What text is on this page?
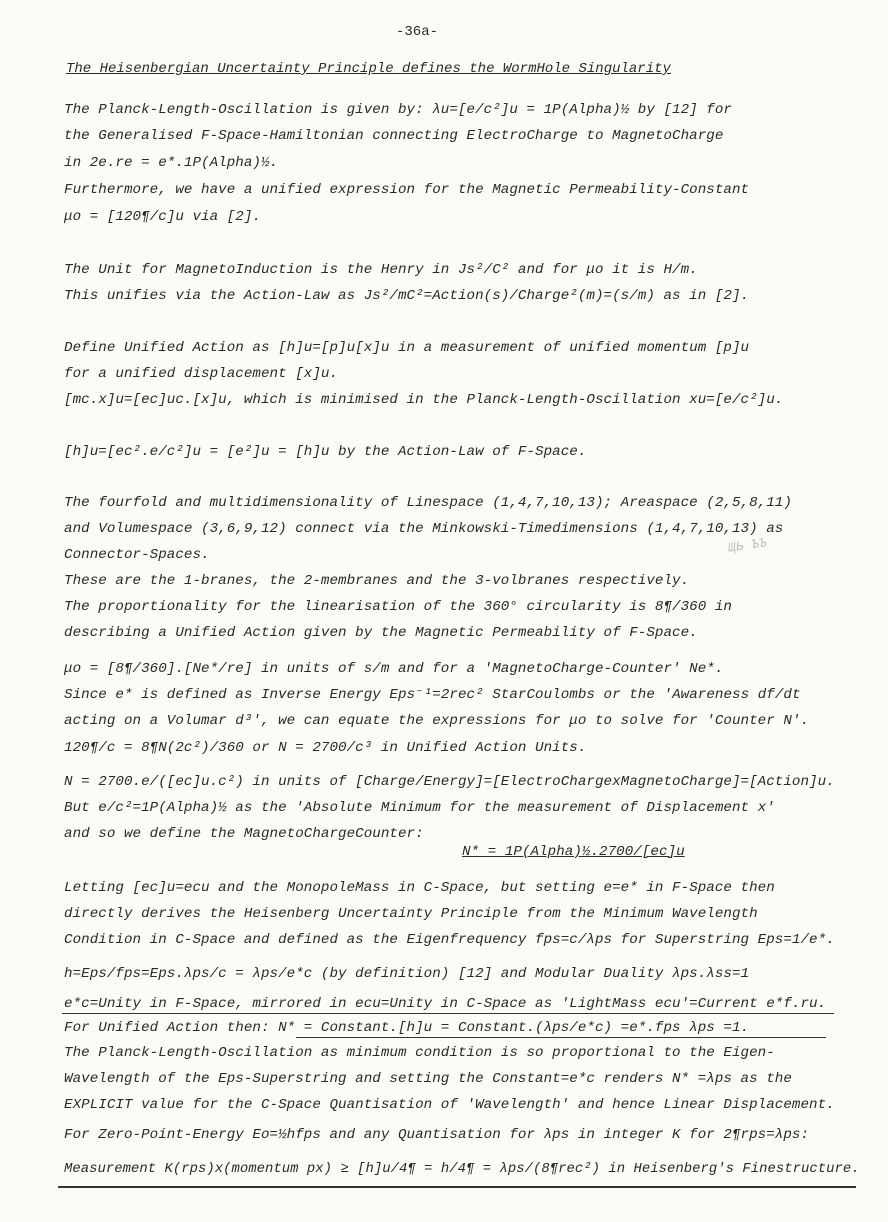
-36a-
The Heisenbergian Uncertainty Principle defines the WormHole Singularity
ЩЬ ЪЪ
The Planck-Length-Oscillation is given by: λu=[e/c²]u = 1P(Alpha)½ by [12] for
the Generalised F-Space-Hamiltonian connecting ElectroCharge to MagnetoCharge
in 2e.re = e*.1P(Alpha)½.
Furthermore, we have a unified expression for the Magnetic Permeability-Constant
μo = [120¶/c]u via [2].
The Unit for MagnetoInduction is the Henry in Js²/C² and for μo it is H/m.
This unifies via the Action-Law as Js²/mC²=Action(s)/Charge²(m)=(s/m) as in [2].
Define Unified Action as [h]u=[p]u[x]u in a measurement of unified momentum [p]u
for a unified displacement [x]u.
[mc.x]u=[ec]uc.[x]u, which is minimised in the Planck-Length-Oscillation xu=[e/c²]u.
[h]u=[ec².e/c²]u = [e²]u = [h]u by the Action-Law of F-Space.
The fourfold and multidimensionality of Linespace (1,4,7,10,13); Areaspace (2,5,8,11)
and Volumespace (3,6,9,12) connect via the Minkowski-Timedimensions (1,4,7,10,13) as
Connector-Spaces.
These are the 1-branes, the 2-membranes and the 3-volbranes respectively.
The proportionality for the linearisation of the 360° circularity is 8¶/360 in
describing a Unified Action given by the Magnetic Permeability of F-Space.
μo = [8¶/360].[Ne*/re] in units of s/m and for a 'MagnetoCharge-Counter' Ne*.
Since e* is defined as Inverse Energy Eps⁻¹=2rec² StarCoulombs or the 'Awareness df/dt
acting on a Volumar d³', we can equate the expressions for μo to solve for 'Counter N'.
120¶/c = 8¶N(2c²)/360 or N = 2700/c³ in Unified Action Units.
N = 2700.e/([ec]u.c²) in units of [Charge/Energy]=[ElectroChargexMagnetoCharge]=[Action]u.
But e/c²=1P(Alpha)½ as the 'Absolute Minimum for the measurement of Displacement x'
and so we define the MagnetoChargeCounter:
N* = 1P(Alpha)½.2700/[ec]u
Letting [ec]u=ecu and the MonopoleMass in C-Space, but setting e=e* in F-Space then
directly derives the Heisenberg Uncertainty Principle from the Minimum Wavelength
Condition in C-Space and defined as the Eigenfrequency fps=c/λps for Superstring Eps=1/e*.
h=Eps/fps=Eps.λps/c = λps/e*c (by definition) [12] and Modular Duality λps.λss=1
e*c=Unity in F-Space, mirrored in ecu=Unity in C-Space as 'LightMass ecu'=Current e*f.ru.
For Unified Action then: N* = Constant.[h]u = Constant.(λps/e*c) =e*.fps λps =1.
The Planck-Length-Oscillation as minimum condition is so proportional to the Eigen-
Wavelength of the Eps-Superstring and setting the Constant=e*c renders N* =λps as the
EXPLICIT value for the C-Space Quantisation of 'Wavelength' and hence Linear Displacement.
For Zero-Point-Energy Eo=½hfps and any Quantisation for λps in integer K for 2¶rps=λps:
Measurement K(rps)x(momentum px) ≥ [h]u/4¶ = h/4¶ = λps/(8¶rec²) in Heisenberg's Finestructure.
